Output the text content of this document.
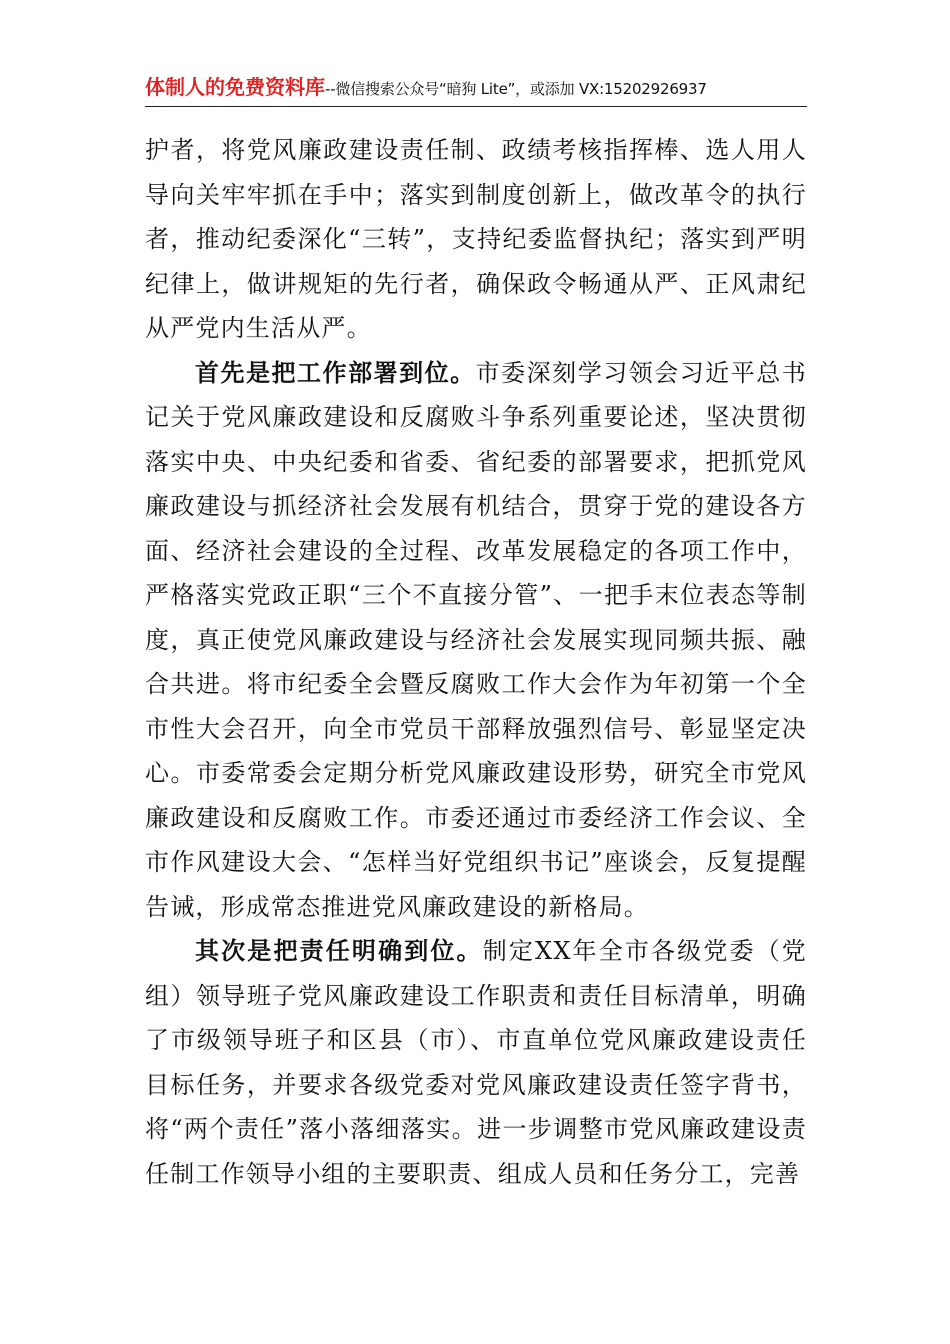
体制人的免费资料库--微信搜索公众号“暗狗 Lite”，或添加 VX:15202926937

护者，将党风廉政建设责任制、政绩考核指挥棒、选人用人导向关牢牢抓在手中；落实到制度创新上，做改革令的执行者，推动纪委深化“三转”，支持纪委监督执纪；落实到严明纪律上，做讲规矩的先行者，确保政令畅通从严、正风肃纪从严党内生活从严。

首先是把工作部署到位。市委深刻学习领会习近平总书记关于党风廉政建设和反腐败斗争系列重要论述，坚决贯彻落实中央、中央纪委和省委、省纪委的部署要求，把抓党风廉政建设与抓经济社会发展有机结合，贯穿于党的建设各方面、经济社会建设的全过程、改革发展稳定的各项工作中，严格落实党政正职“三个不直接分管”、一把手末位表态等制度，真正使党风廉政建设与经济社会发展实现同频共振、融合共进。将市纪委全会暨反腐败工作大会作为年初第一个全市性大会召开，向全市党员干部释放强烈信号、彰显坚定决心。市委常委会定期分析党风廉政建设形势，研究全市党风廉政建设和反腐败工作。市委还通过市委经济工作会议、全市作风建设大会、“怎样当好党组织书记”座谈会，反复提醒告诫，形成常态推进党风廉政建设的新格局。

其次是把责任明确到位。制定XX年全市各级党委（党组）领导班子党风廉政建设工作职责和责任目标清单，明确了市级领导班子和区县（市）、市直单位党风廉政建设责任目标任务，并要求各级党委对党风廉政建设责任签字背书，将“两个责任”落小落细落实。进一步调整市党风廉政建设责任制工作领导小组的主要职责、组成人员和任务分工，完善
